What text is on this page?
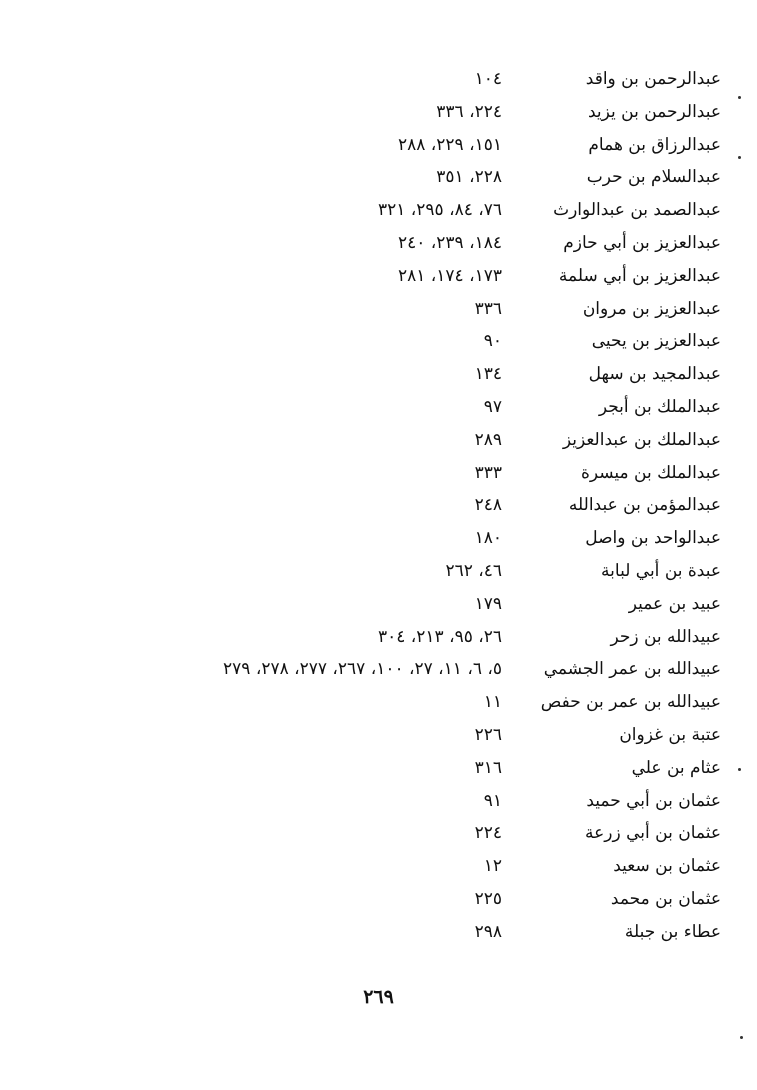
عبدالرحمن بن واقد
١٠٤
عبدالرحمن بن يزيد
٢٢٤، ٣٣٦
عبدالرزاق بن همام
١٥١، ٢٢٩، ٢٨٨
عبدالسلام بن حرب
٢٢٨، ٣٥١
عبدالصمد بن عبدالوارث
٧٦، ٨٤، ٢٩٥، ٣٢١
عبدالعزيز بن أبي حازم
١٨٤، ٢٣٩، ٢٤٠
عبدالعزيز بن أبي سلمة
١٧٣، ١٧٤، ٢٨١
عبدالعزيز بن مروان
٣٣٦
عبدالعزيز بن يحيى
٩٠
عبدالمجيد بن سهل
١٣٤
عبدالملك بن أبجر
٩٧
عبدالملك بن عبدالعزيز
٢٨٩
عبدالملك بن ميسرة
٣٣٣
عبدالمؤمن بن عبدالله
٢٤٨
عبدالواحد بن واصل
١٨٠
عبدة بن أبي لبابة
٤٦، ٢٦٢
عبيد بن عمير
١٧٩
عبيدالله بن زحر
٢٦، ٩٥، ٢١٣، ٣٠٤
عبيدالله بن عمر الجشمي
٥، ٦، ١١، ٢٧، ١٠٠، ٢٦٧، ٢٧٧، ٢٧٨، ٢٧٩
عبيدالله بن عمر بن حفص
١١
عتبة بن غزوان
٢٢٦
عثام بن علي
٣١٦
عثمان بن أبي حميد
٩١
عثمان بن أبي زرعة
٢٢٤
عثمان بن سعيد
١٢
عثمان بن محمد
٢٢٥
عطاء بن جبلة
٢٩٨
٢٦٩
